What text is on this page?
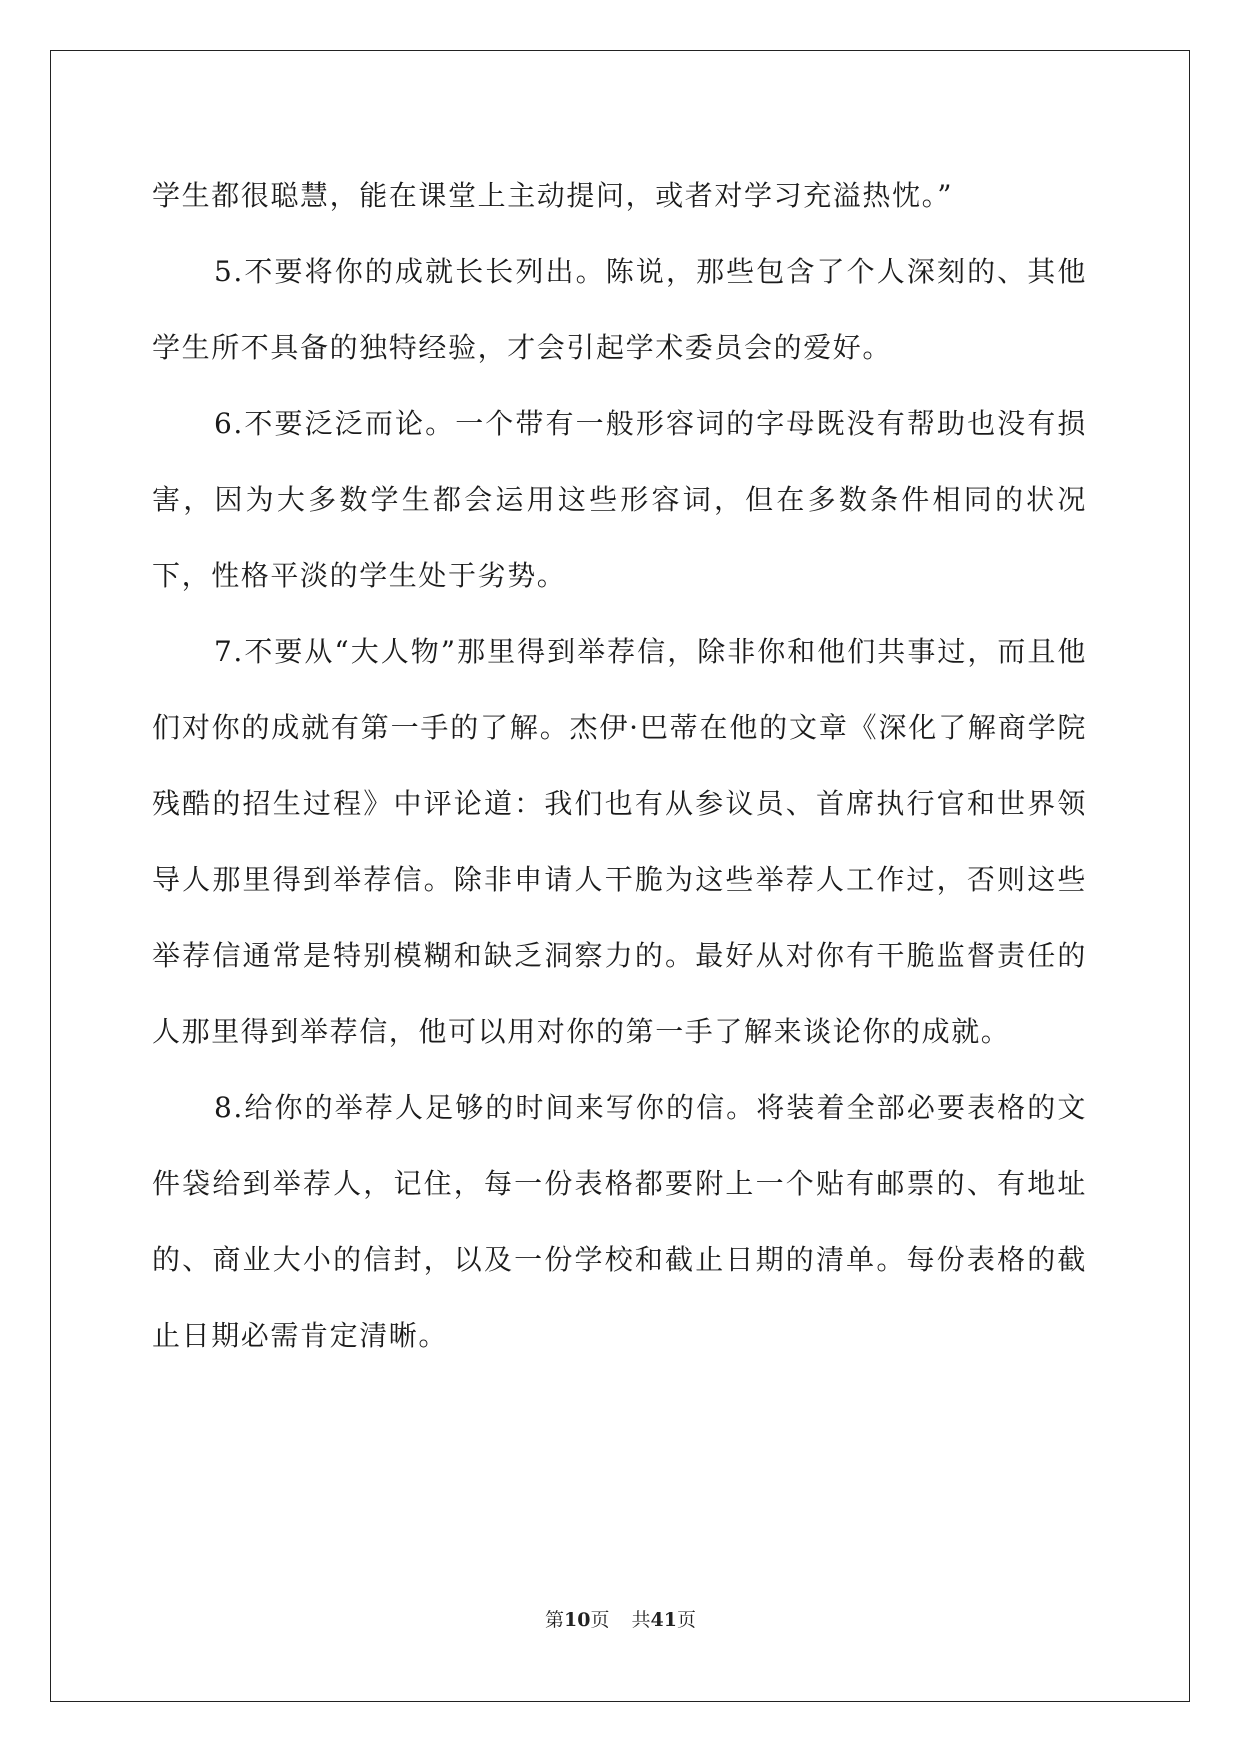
学生都很聪慧，能在课堂上主动提问，或者对学习充溢热忱。”

5.不要将你的成就长长列出。陈说，那些包含了个人深刻的、其他学生所不具备的独特经验，才会引起学术委员会的爱好。

6.不要泛泛而论。一个带有一般形容词的字母既没有帮助也没有损害，因为大多数学生都会运用这些形容词，但在多数条件相同的状况下，性格平淡的学生处于劣势。

7.不要从“大人物”那里得到举荐信，除非你和他们共事过，而且他们对你的成就有第一手的了解。杰伊·巴蒂在他的文章《深化了解商学院残酷的招生过程》中评论道：我们也有从参议员、首席执行官和世界领导人那里得到举荐信。除非申请人干脆为这些举荐人工作过，否则这些举荐信通常是特别模糊和缺乏洞察力的。最好从对你有干脆监督责任的人那里得到举荐信，他可以用对你的第一手了解来谈论你的成就。

8.给你的举荐人足够的时间来写你的信。将装着全部必要表格的文件袋给到举荐人，记住，每一份表格都要附上一个贴有邮票的、有地址的、商业大小的信封，以及一份学校和截止日期的清单。每份表格的截止日期必需肯定清晰。

第10页 共41页
